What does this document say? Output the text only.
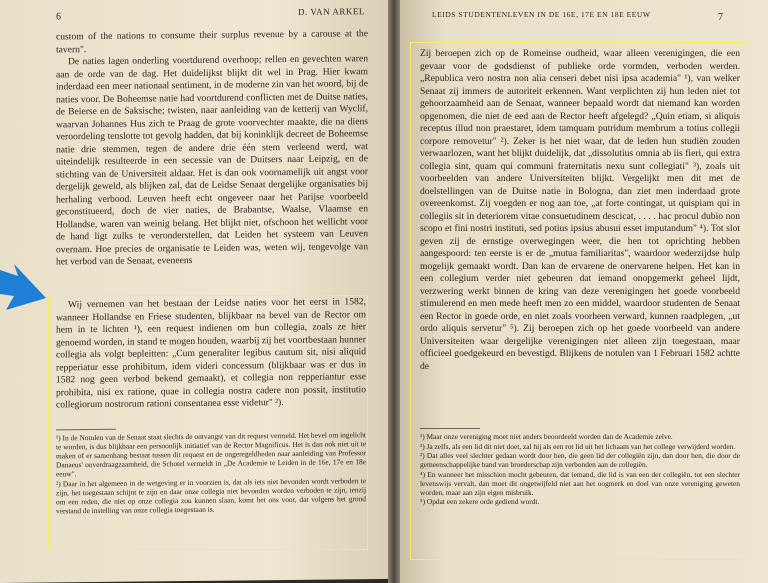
6	D. VAN ARKEL

custom of the nations to consume their surplus revenue by a carouse at the tavern".

De naties lagen onderling voortdurend overhoop; rellen en gevechten waren aan de orde van de dag. Het duidelijkst blijkt dit wel in Prag. Hier kwam inderdaad een meer nationaal sentiment, in de moderne zin van het woord, bij de naties voor. De Boheemse natie had voortdurend conflicten met de Duitse naties, de Beierse en de Saksische; twisten, naar aanleiding van de ketterij van Wyclif, waarvan Johannes Hus zich te Praag de grote voorvechter maakte, die na diens veroordeling tenslotte tot gevolg hadden, dat bij koninklijk decreet de Boheemse natie drie stemmen, tegen de andere drie één stem verleend werd, wat uiteindelijk resulteerde in een secessie van de Duitsers naar Leipzig, en de stichting van de Universiteit aldaar. Het is dan ook voornamelijk uit angst voor dergelijk geweld, als blijken zal, dat de Leidse Senaat dergelijke organisaties bij herhaling verbood. Leuven heeft echt ongeveer naar het Parijse voorbeeld geconstitueerd, doch de vier naties, de Brabantse, Waalse, Vlaamse en Hollandse, waren van weinig belang. Het blijkt niet, ofschoon het wellicht voor de hand ligt zulks te veronderstellen, dat Leiden het systeem van Leuven overnam. Hoe precies de organisatie te Leiden was, weten wij, tengevolge van het verbod van de Senaat, eveneens

Wij vernemen van het bestaan der Leidse naties voor het eerst in 1582, wanneer Hollandse en Friese studenten, blijkbaar na bevel van de Rector om hem in te lichten ¹), een request indienen om hun collegia, zoals ze hier genoemd worden, in stand te mogen houden, waarbij zij het voortbestaan hunner collegia als volgt bepleitten: „Cum generaliter legibus cautum sit, nisi aliquid repperiatur esse prohibitum, idem videri concessum (blijkbaar was er dus in 1582 nog geen verbod bekend gemaakt), et collegia non repperiantur esse prohibita, nisi ex ratione, quae in collegia nostra cadere non possit, institutio collegiorum nostrorum rationi consentanea esse videtur" ²).

¹) In de Notulen van de Senaat staat slechts de ontvangst van dit request vermeld. Het bevel om ingelicht te worden, is dus blijkbaar een persoonlijk initiatief van de Rector Magnificus. Het is dan ook niet uit te maken of er samenhang bestaat tussen dit request en de ongeregeldheden naar aanleiding van Professor Danaeus' onverdraagzaamheid, die Schotel vermeldt in „De Academie te Leiden in de 16e, 17e en 18e eeuw".

²) Daar in het algemeen in de wetgeving er in voorzien is, dat als iets niet bevonden wordt verboden te zijn, het toegestaan schijnt te zijn en daar onze collegia niet bevonden worden verboden te zijn, tenzij om een reden, die niet op onze collegia zou kunnen slaan, komt het ons voor, dat volgens het grond verstand de instelling van onze collegia toegestaan is.

LEIDS STUDENTENLEVEN IN DE 16E, 17E EN 18E EEUW	7

Zij beroepen zich op de Romeinse oudheid, waar alleen verenigingen, die een gevaar voor de godsdienst of publieke orde vormden, verboden werden. „Republica vero nostra non alia censeri debet nisi ipsa academia" ¹), van welker Senaat zij immers de autoriteit erkennen. Want verplichten zij hun leden niet tot gehoorzaamheid aan de Senaat, wanneer bepaald wordt dat niemand kan worden opgenomen, die niet de eed aan de Rector heeft afgelegd? „Quin etiam, si aliquis receptus illud non praestaret, idem tamquam putridum membrum a totius collegii corpore removetur" ²). Zeker is het niet waar, dat de leden hun studiën zouden verwaarlozen, want het blijkt duidelijk, dat „dissolutius omnia ab iis fieri, qui extra collegia sint, quam qui communi fraternitatis nexu sunt collegiati" ³), zoals uit voorbeelden van andere Universiteiten blijkt. Vergelijkt men dit met de doelstellingen van de Duitse natie in Bologna, dan ziet men inderdaad grote overeenkomst. Zij voegden er nog aan toe, „at forte contingat, ut quispiam qui in collegiis sit in deteriorem vitae consuetudinem descicat, . . . . hac procul dubio non scopo et fini nostri instituti, sed potius ipsius abusui esset imputandum" ⁴). Tot slot geven zij de ernstige overwegingen weer, die hen tot oprichting hebben aangespoord: ten eerste is er de „mutua familiaritas", waardoor wederzijdse hulp mogelijk gemaakt wordt. Dan kan de ervarene de onervarene helpen. Het kan in een collegium verder niet gebeuren dat iemand onopgemerkt geheel lijdt, verzwering werkt binnen de kring van deze verenigingen het goede voorbeeld stimulerend en men mede heeft men zo een middel, waardoor studenten de Senaat een Rector in goede orde, en niet zoals voorheen verward, kunnen raadplegen, „ut ordo aliquis servetur" ⁵). Zij beroepen zich op het goede voorbeeld van andere Universiteiten waar dergelijke verenigingen niet alleen zijn toegestaan, maar officieel goedgekeurd en bevestigd. Blijkens de notulen van 1 Februari 1582 achtte de

¹) Maar onze vereniging moet niet anders beoordeeld worden dan de Academie zelve.

²) Ja zelfs, als een lid dit niet doet, zal hij als een rot lid uit het lichaam van het college verwijderd worden.

³) Dat alles veel slechter gedaan wordt door hen, die geen lid der collegiën zijn, dan door hen, die door de gemeenschappelijke band van broederschap zijn verbonden aan de collegiën.

⁴) En wanneer het misschien mocht gebeuren, dat iemand, die lid is van een der collegiën, tot een slechter levenswijs vervalt, dan moet dit ongetwijfeld niet aan het oogmerk en doel van onze vereniging geweten worden, maar aan zijn eigen misbruik.

⁵) Opdat een zekere orde gediend wordt.
